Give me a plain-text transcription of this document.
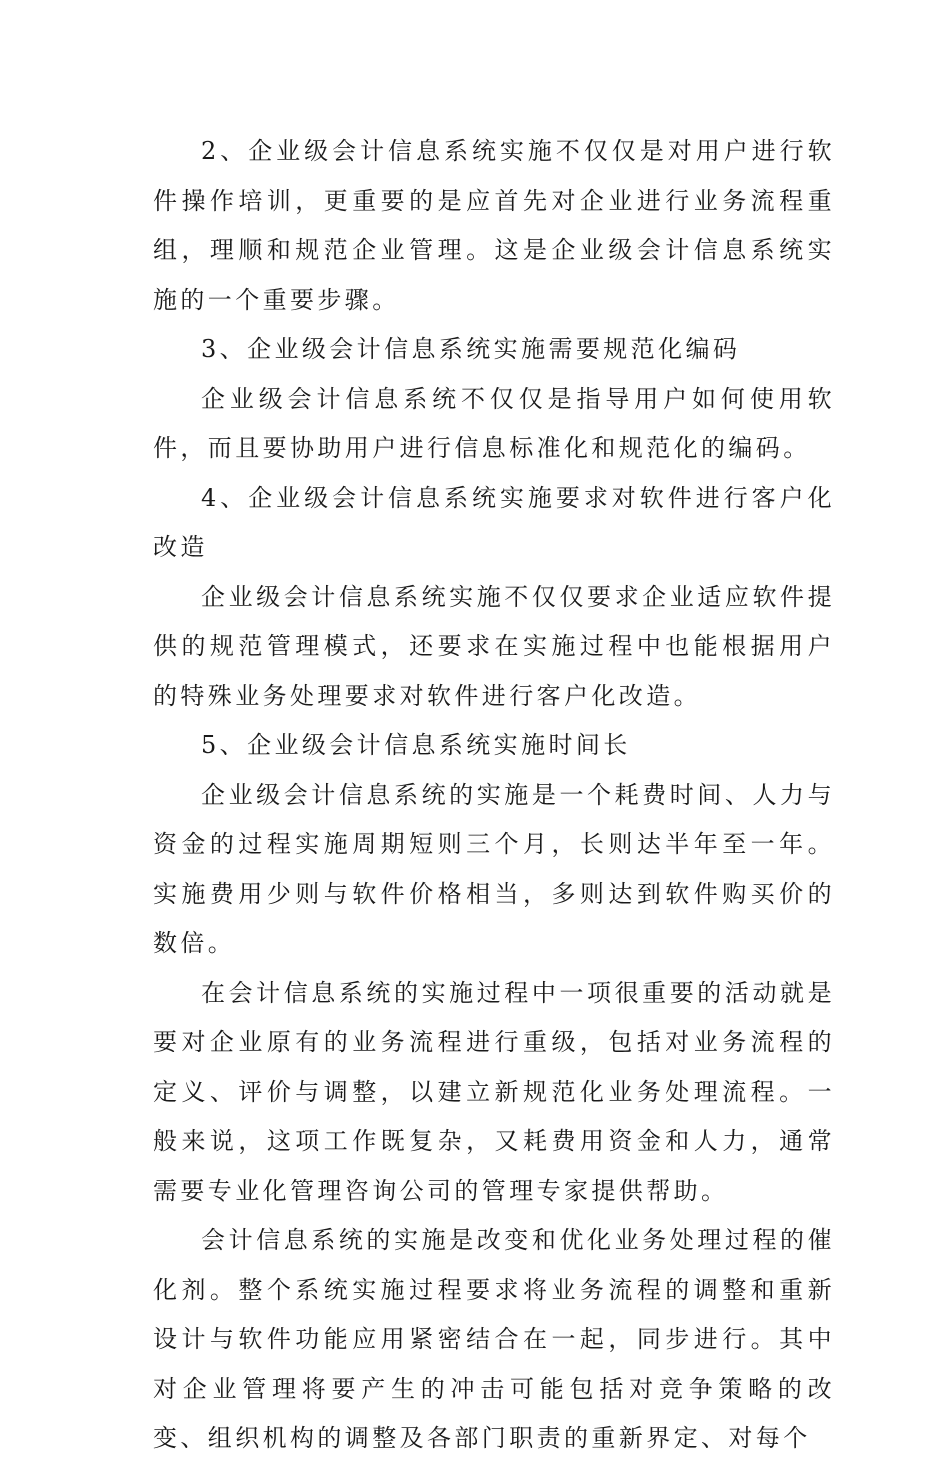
2、企业级会计信息系统实施不仅仅是对用户进行软件操作培训，更重要的是应首先对企业进行业务流程重组，理顺和规范企业管理。这是企业级会计信息系统实施的一个重要步骤。

3、企业级会计信息系统实施需要规范化编码

企业级会计信息系统不仅仅是指导用户如何使用软件，而且要协助用户进行信息标准化和规范化的编码。

4、企业级会计信息系统实施要求对软件进行客户化改造

企业级会计信息系统实施不仅仅要求企业适应软件提供的规范管理模式，还要求在实施过程中也能根据用户的特殊业务处理要求对软件进行客户化改造。

5、企业级会计信息系统实施时间长

企业级会计信息系统的实施是一个耗费时间、人力与资金的过程实施周期短则三个月，长则达半年至一年。实施费用少则与软件价格相当，多则达到软件购买价的数倍。

在会计信息系统的实施过程中一项很重要的活动就是要对企业原有的业务流程进行重级，包括对业务流程的定义、评价与调整，以建立新规范化业务处理流程。一般来说，这项工作既复杂，又耗费用资金和人力，通常需要专业化管理咨询公司的管理专家提供帮助。

会计信息系统的实施是改变和优化业务处理过程的催化剂。整个系统实施过程要求将业务流程的调整和重新设计与软件功能应用紧密结合在一起，同步进行。其中对企业管理将要产生的冲击可能包括对竞争策略的改变、组织机构的调整及各部门职责的重新界定、对每个
